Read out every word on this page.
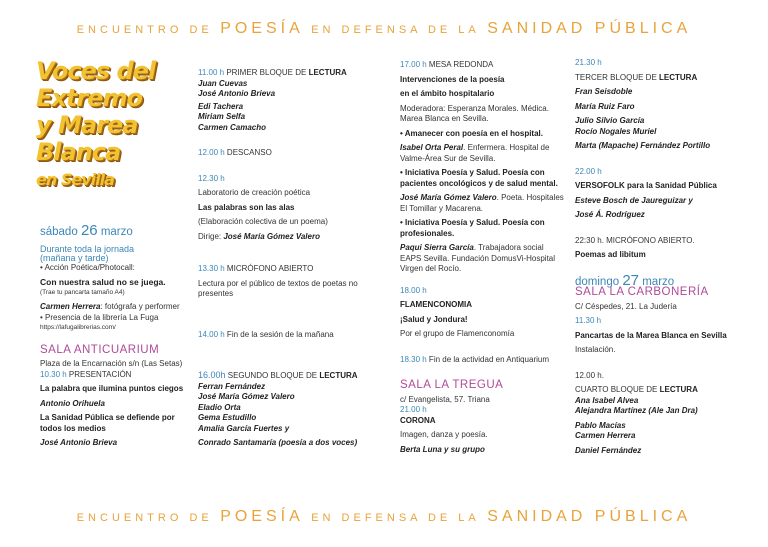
ENCUENTRO DE POESÍA EN DEFENSA DE LA SANIDAD PÚBLICA
Voces del
Extremo
y Marea
Blanca
en Sevilla
sábado 26 marzo
Durante toda la jornada
(mañana y tarde)
• Acción Poética/Photocall:
Con nuestra salud no se juega.
(Trae tu pancarta tamaño A4)
Carmen Herrera: fotógrafa y performer
• Presencia de la librería La Fuga
https://lafugalibrerias.com/
SALA ANTICUARIUM
Plaza de la Encarnación s/n (Las Setas)
10.30 h PRESENTACIÓN
La palabra que ilumina puntos ciegos
Antonio Orihuela
La Sanidad Pública se defiende por todos los medios
José Antonio Brieva
11.00 h PRIMER BLOQUE DE LECTURA
Juan Cuevas
José Antonio Brieva
Edi Tachera
Miriam Selfa
Carmen Camacho
12.00 h DESCANSO
12.30 h
Laboratorio de creación poética
Las palabras son las alas
(Elaboración colectiva de un poema)
Dirige: José María Gómez Valero
13.30 h MICRÓFONO ABIERTO
Lectura por el público de textos de poetas no presentes
14.00 h Fin de la sesión de la mañana
16.00h SEGUNDO BLOQUE DE LECTURA
Ferran Fernández
José María Gómez Valero
Eladio Orta
Gema Estudillo
Amalia García Fuertes y
Conrado Santamaría (poesía a dos voces)
17.00 h MESA REDONDA
Intervenciones de la poesía
en el ámbito hospitalario
Moderadora: Esperanza Morales. Médica. Marea Blanca en Sevilla.
• Amanecer con poesía en el hospital.
Isabel Orta Peral. Enfermera. Hospital de Valme-Área Sur de Sevilla.
• Iniciativa Poesía y Salud. Poesía con pacientes oncológicos y de salud mental.
José María Gómez Valero. Poeta. Hospitales El Tomillar y Macarena.
• Iniciativa Poesía y Salud. Poesía con profesionales.
Paqui Sierra García. Trabajadora social EAPS Sevilla. Fundación DomusVi-Hospital Virgen del Rocío.
18.00 h
FLAMENCONOMIA
¡Salud y Jondura!
Por el grupo de Flamenconomía
18.30 h Fin de la actividad en Antiquarium
SALA LA TREGUA
c/ Evangelista, 57. Triana
21.00 h
CORONA
Imagen, danza y poesía.
Berta Luna y su grupo
21.30 h
TERCER BLOQUE DE LECTURA
Fran Seisdoble
María Ruiz Faro
Julio Silvio García
Rocío Nogales Muriel
Marta (Mapache) Fernández Portillo
22.00 h
VERSOFOLK para la Sanidad Pública
Esteve Bosch de Jaureguizar y
José Á. Rodríguez
22:30 h. MICRÓFONO ABIERTO.
Poemas ad libitum
domingo 27 marzo
SALA LA CARBONERÍA
C/ Céspedes, 21. La Judería
11.30 h
Pancartas de la Marea Blanca en Sevilla
Instalación.
12.00 h.
CUARTO BLOQUE DE LECTURA
Ana Isabel Alvea
Alejandra Martínez (Ale Jan Dra)
Pablo Macías
Carmen Herrera
Daniel Fernández
ENCUENTRO DE POESÍA EN DEFENSA DE LA SANIDAD PÚBLICA
